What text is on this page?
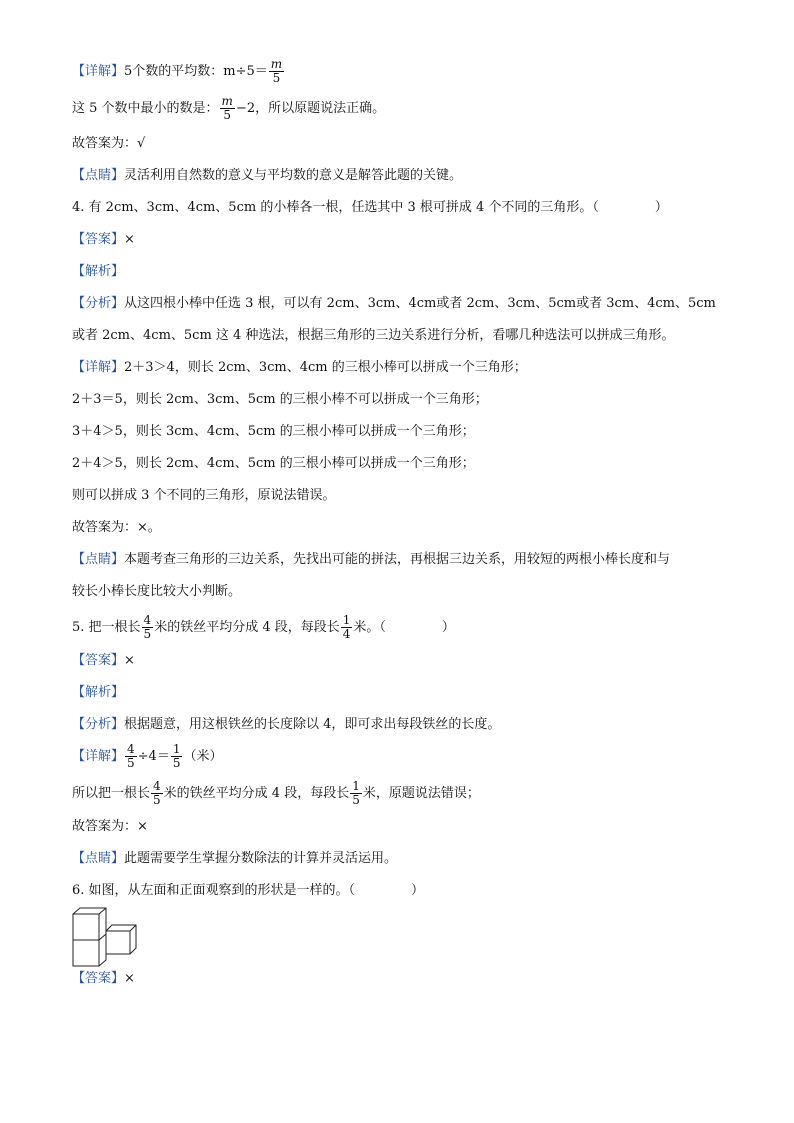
【详解】5个数的平均数：$m\div 5= \frac{m}{5}$
这 5 个数中最小的数是： $\frac{m}{5} -2$，所以原题说法正确。
故答案为：√
【点睛】灵活利用自然数的意义与平均数的意义是解答此题的关键。
4. 有 2cm、3cm、4cm、5cm 的小棒各一根，任选其中 3 根可拼成 4 个不同的三角形。（	）
【答案】×
【解析】
【分析】从这四根小棒中任选 3 根，可以有 2cm、3cm、4cm或者 2cm、3cm、5cm或者 3cm、4cm、5cm
或者 2cm、4cm、5cm 这 4 种选法，根据三角形的三边关系进行分析，看哪几种选法可以拼成三角形。
【详解】2＋3＞4，则长 2cm、3cm、4cm 的三根小棒可以拼成一个三角形；
2＋3＝5，则长 2cm、3cm、5cm 的三根小棒不可以拼成一个三角形；
3＋4＞5，则长 3cm、4cm、5cm 的三根小棒可以拼成一个三角形；
2＋4＞5，则长 2cm、4cm、5cm 的三根小棒可以拼成一个三角形；
则可以拼成 3 个不同的三角形，原说法错误。
故答案为：×。
【点睛】本题考查三角形的三边关系，先找出可能的拼法，再根据三边关系，用较短的两根小棒长度和与
较长小棒长度比较大小判断。
5. 把一根长 $\frac{4}{5}$ 米的铁丝平均分成 4 段，每段长 $\frac{1}{4}$ 米。（	）
【答案】×
【解析】
【分析】根据题意，用这根铁丝的长度除以 4，即可求出每段铁丝的长度。
【详解】 $\frac{4}{5} \div 4= \frac{1}{5}$ （米）
所以把一根长 $\frac{4}{5}$ 米的铁丝平均分成 4 段，每段长 $\frac{1}{5}$ 米，原题说法错误；
故答案为：×
【点睛】此题需要学生掌握分数除法的计算并灵活运用。
6. 如图，从左面和正面观察到的形状是一样的。（	）
【答案】×
